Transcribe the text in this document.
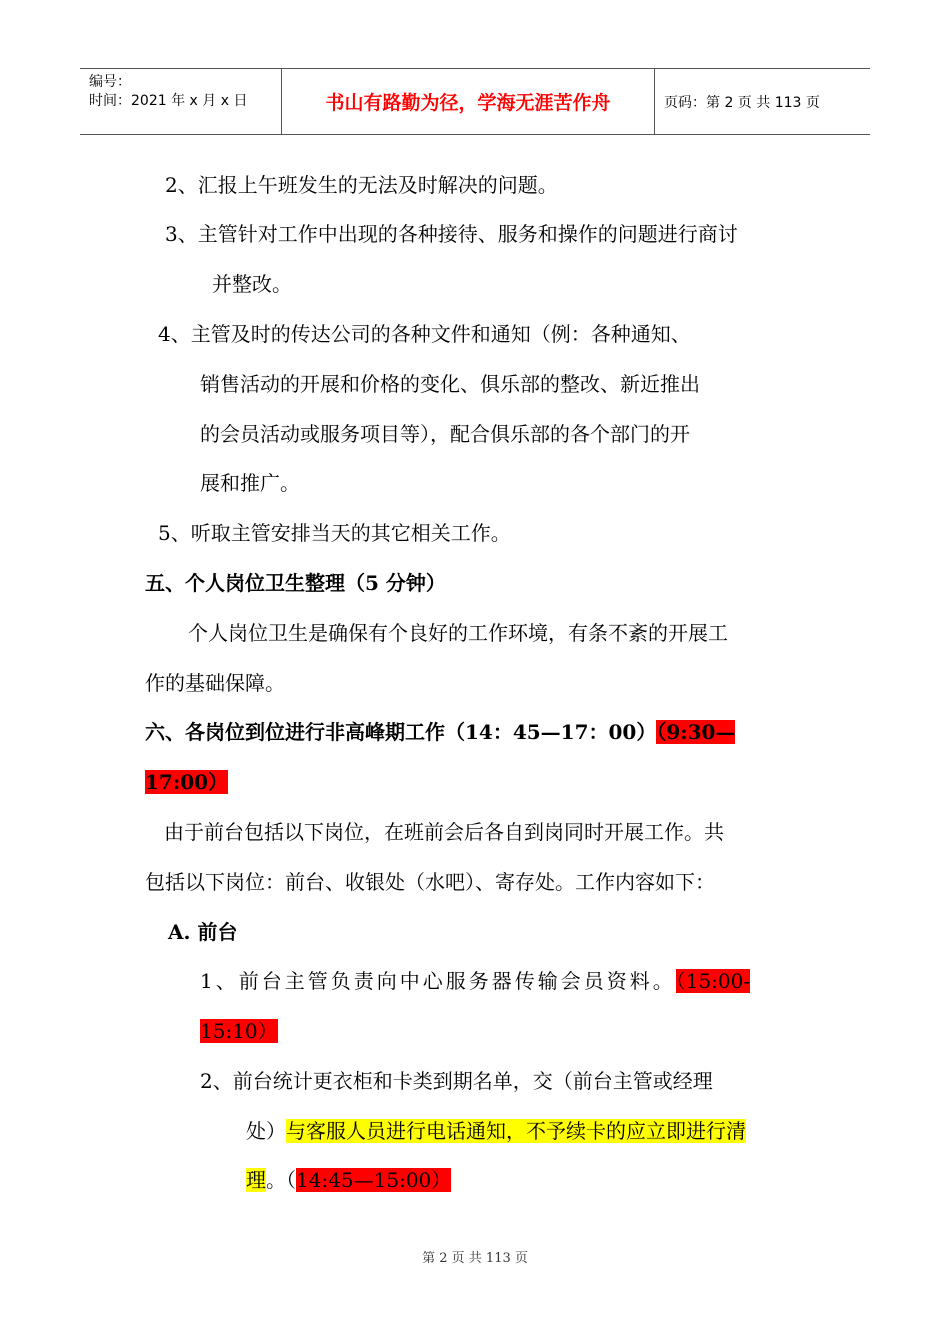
编号：
时间：2021 年 x 月 x 日	书山有路勤为径，学海无涯苦作舟	页码：第 2 页 共 113 页
2、汇报上午班发生的无法及时解决的问题。
3、主管针对工作中出现的各种接待、服务和操作的问题进行商讨
并整改。
4、主管及时的传达公司的各种文件和通知（例：各种通知、
销售活动的开展和价格的变化、俱乐部的整改、新近推出
的会员活动或服务项目等），配合俱乐部的各个部门的开
展和推广。
5、听取主管安排当天的其它相关工作。
五、个人岗位卫生整理（5 分钟）
个人岗位卫生是确保有个良好的工作环境，有条不紊的开展工
作的基础保障。
六、各岗位到位进行非高峰期工作（14：45—17：00）（9:30—
17:00）
由于前台包括以下岗位，在班前会后各自到岗同时开展工作。共
包括以下岗位：前台、收银处（水吧）、寄存处。工作内容如下：
A. 前台
1、前台主管负责向中心服务器传输会员资料。（15:00-
15:10）
2、前台统计更衣柜和卡类到期名单，交（前台主管或经理
处）与客服人员进行电话通知，不予续卡的应立即进行清
理。（14:45—15:00）
第 2 页 共 113 页
